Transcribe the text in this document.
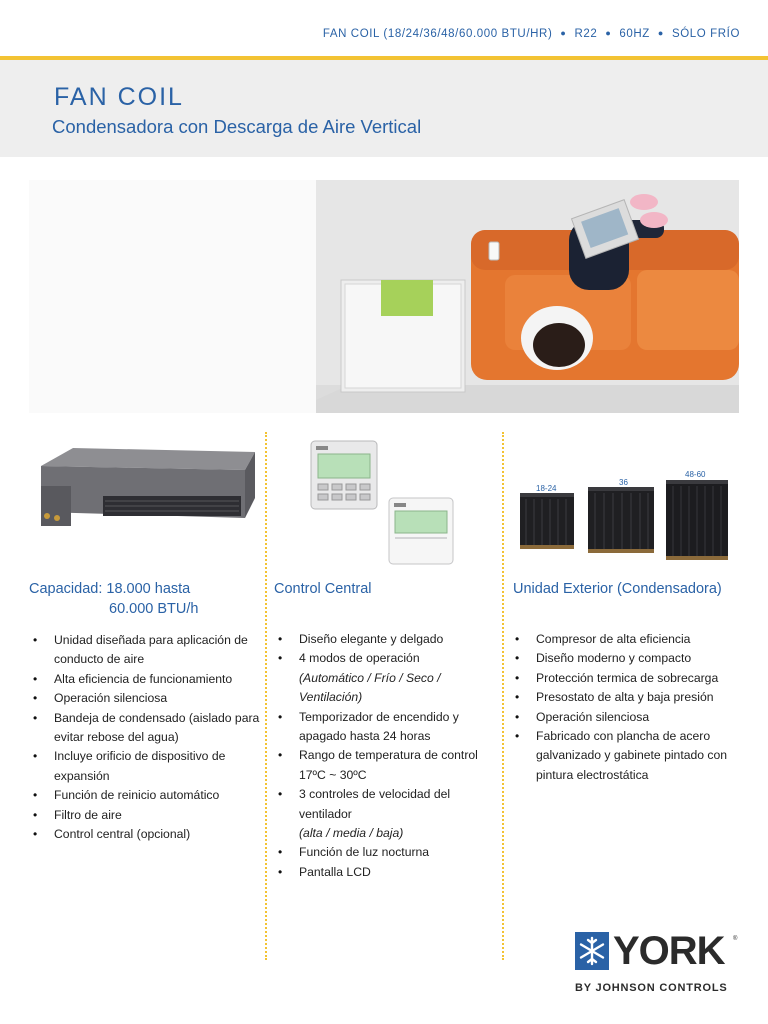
FAN COIL (18/24/36/48/60.000 BTU/HR) ● R22 ● 60HZ ● SÓLO FRÍO
FAN COIL
Condensadora con Descarga de Aire Vertical
Capacidad: 18.000 hasta
60.000 BTU/h
• Unidad diseñada para aplicación de conducto de aire
• Alta eficiencia de funcionamiento
• Operación silenciosa
• Bandeja de condensado (aislado para evitar rebose del agua)
• Incluye orificio de dispositivo de expansión
• Función de reinicio automático
• Filtro de aire
• Control central (opcional)
Control Central
• Diseño elegante y delgado
• 4 modos de operación
(Automático / Frío / Seco / Ventilación)
• Temporizador de encendido y apagado hasta 24 horas
• Rango de temperatura de control 17ºC ~ 30ºC
• 3 controles de velocidad del ventilador
(alta / media / baja)
• Función de luz nocturna
• Pantalla LCD
18-24
36
48-60
Unidad Exterior (Condensadora)
• Compresor de alta eficiencia
• Diseño moderno y compacto
• Protección termica de sobrecarga
• Presostato de alta y baja presión
• Operación silenciosa
• Fabricado con plancha de acero galvanizado y gabinete pintado con pintura electrostática
YORK ®
BY JOHNSON CONTROLS
